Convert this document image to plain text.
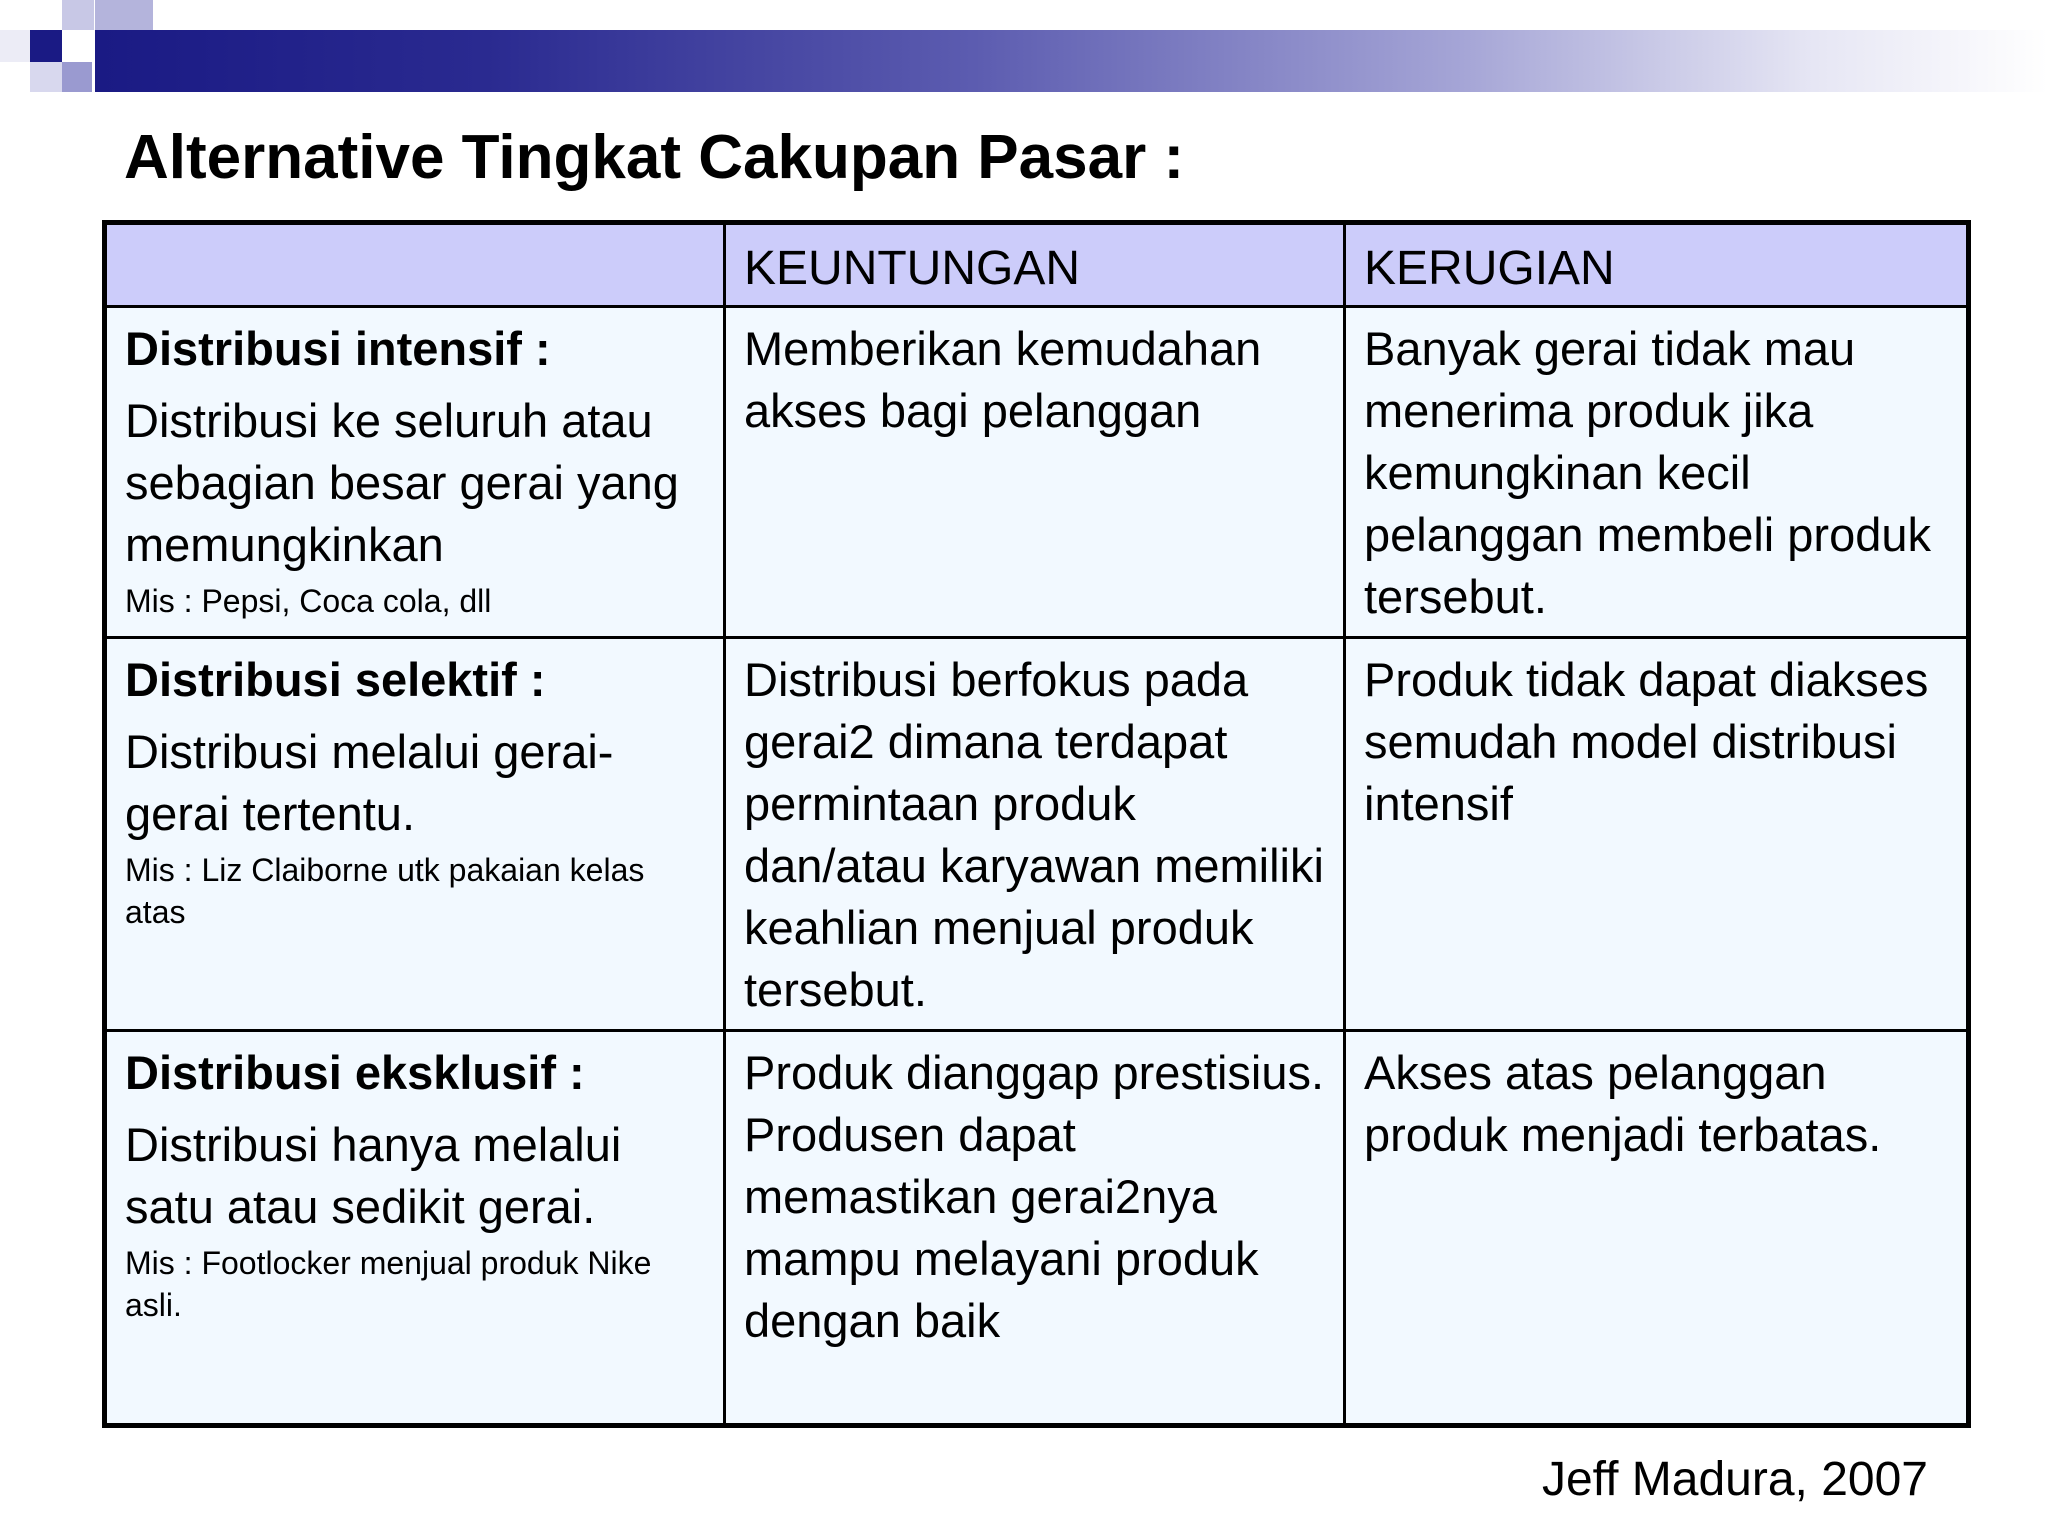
Alternative Tingkat Cakupan Pasar :
	KEUNTUNGAN	KERUGIAN

Distribusi intensif :
Distribusi ke seluruh atau sebagian besar gerai yang memungkinkan
Mis : Pepsi, Coca cola, dll	Memberikan kemudahan akses bagi pelanggan	Banyak gerai tidak mau menerima produk jika kemungkinan kecil pelanggan membeli produk tersebut.

Distribusi selektif :
Distribusi melalui gerai-gerai tertentu.
Mis : Liz Claiborne utk pakaian kelas atas	Distribusi berfokus pada gerai2 dimana terdapat permintaan produk dan/atau karyawan memiliki keahlian menjual produk tersebut.	Produk tidak dapat diakses semudah model distribusi intensif

Distribusi eksklusif :
Distribusi hanya melalui satu atau sedikit gerai.
Mis : Footlocker menjual produk Nike asli.	Produk dianggap prestisius. Produsen dapat memastikan gerai2nya mampu melayani produk dengan baik	Akses atas pelanggan produk menjadi terbatas.
Jeff Madura, 2007
